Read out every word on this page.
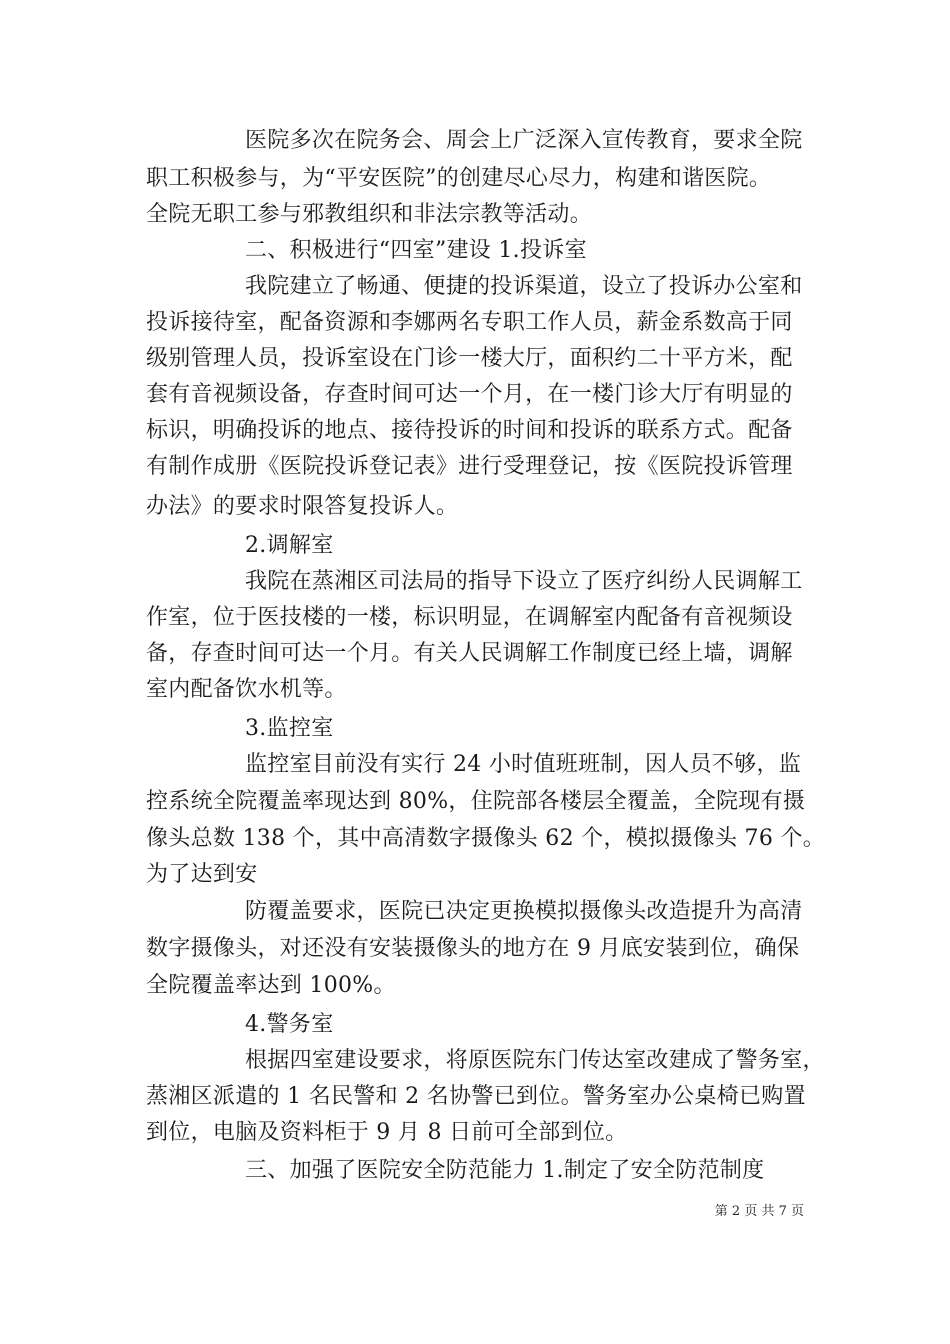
医院多次在院务会、周会上广泛深入宣传教育，要求全院
职工积极参与，为“平安医院”的创建尽心尽力，构建和谐医院。
全院无职工参与邪教组织和非法宗教等活动。
二、积极进行“四室”建设 1.投诉室
我院建立了畅通、便捷的投诉渠道，设立了投诉办公室和
投诉接待室，配备资源和李娜两名专职工作人员，薪金系数高于同
级别管理人员，投诉室设在门诊一楼大厅，面积约二十平方米，配
套有音视频设备，存查时间可达一个月，在一楼门诊大厅有明显的
标识，明确投诉的地点、接待投诉的时间和投诉的联系方式。配备
有制作成册《医院投诉登记表》进行受理登记，按《医院投诉管理
办法》的要求时限答复投诉人。
2.调解室
我院在蒸湘区司法局的指导下设立了医疗纠纷人民调解工
作室，位于医技楼的一楼，标识明显，在调解室内配备有音视频设
备，存查时间可达一个月。有关人民调解工作制度已经上墙，调解
室内配备饮水机等。
3.监控室
监控室目前没有实行 24 小时值班班制，因人员不够，监
控系统全院覆盖率现达到 80%，住院部各楼层全覆盖，全院现有摄
像头总数 138 个，其中高清数字摄像头 62 个，模拟摄像头 76 个。
为了达到安
防覆盖要求，医院已决定更换模拟摄像头改造提升为高清
数字摄像头，对还没有安装摄像头的地方在 9 月底安装到位，确保
全院覆盖率达到 100%。
4.警务室
根据四室建设要求，将原医院东门传达室改建成了警务室，
蒸湘区派遣的 1 名民警和 2 名协警已到位。警务室办公桌椅已购置
到位，电脑及资料柜于 9 月 8 日前可全部到位。
三、加强了医院安全防范能力 1.制定了安全防范制度
第 2 页 共 7 页
